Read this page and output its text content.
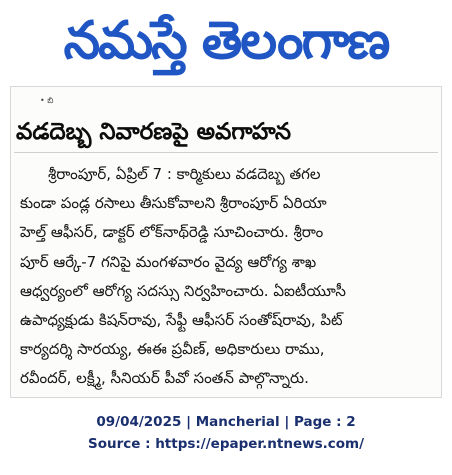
నమస్తే తెలంగాణ
• బి
వడదెబ్బ నివారణపై అవగాహన
శ్రీరాంపూర్, ఏప్రిల్ 7 : కార్మికులు వడదెబ్బ తగల
కుండా పండ్ల రసాలు తీసుకోవాలని శ్రీరాంపూర్ ఏరియా
హెల్త్ ఆఫీసర్, డాక్టర్ లోక్‌నాథ్‌రెడ్డి సూచించారు. శ్రీరాం
పూర్ ఆర్కే-7 గనిపై మంగళవారం వైద్య ఆరోగ్య శాఖ
ఆధ్వర్యంలో ఆరోగ్య సదస్సు నిర్వహించారు. ఏఐటీయూసీ
ఉపాధ్యక్షుడు కిషన్‌రావు, సేఫ్టీ ఆఫీసర్ సంతోష్‌రావు, పిట్
కార్యదర్శి సారయ్య, ఈఈ ప్రవీణ్, అధికారులు రాము,
రవీందర్, లక్ష్మీ, సీనియర్ పీవో సంతన్ పాల్గొన్నారు.
09/04/2025 | Mancherial | Page : 2
Source : https://epaper.ntnews.com/
